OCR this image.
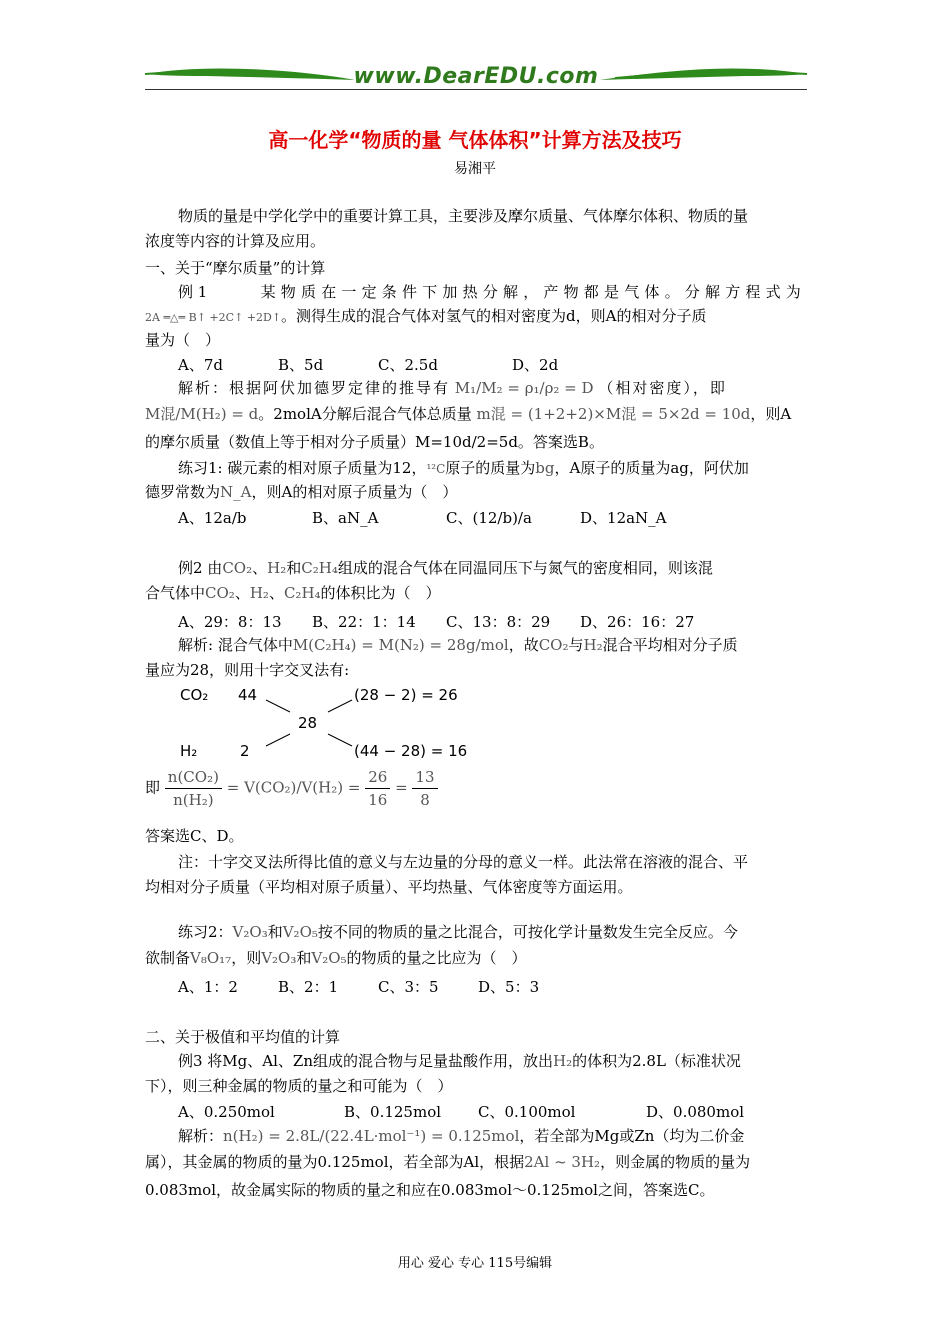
www.DearEDU.com
高一化学“物质的量 气体体积”计算方法及技巧
易湘平
物质的量是中学化学中的重要计算工具，主要涉及摩尔质量、气体摩尔体积、物质的量
浓度等内容的计算及应用。
一、关于“摩尔质量”的计算
例 1	某物质在一定条件下加热分解，产物都是气体。分解方程式为
2A ═△═ B↑ +2C↑ +2D↑。测得生成的混合气体对氢气的相对密度为d，则A的相对分子质
量为（　）
A、7d	B、5d	C、2.5d	D、2d
解析：根据阿伏加德罗定律的推导有 M₁/M₂ = ρ₁/ρ₂ = D （相对密度），即
M混/M(H₂) = d。2molA分解后混合气体总质量 m混 = (1+2+2)×M混 = 5×2d = 10d，则A
的摩尔质量（数值上等于相对分子质量）M=10d/2=5d。答案选B。
练习1: 碳元素的相对原子质量为12，¹²C原子的质量为bg，A原子的质量为ag，阿伏加
德罗常数为N_A，则A的相对原子质量为（　）
A、12a/b	B、aN_A	C、(12/b)/a	D、12aN_A
例2 由CO₂、H₂和C₂H₄组成的混合气体在同温同压下与氮气的密度相同，则该混
合气体中CO₂、H₂、C₂H₄的体积比为（　）
A、29：8：13 B、22：1：14 C、13：8：29 D、26：16：27
解析: 混合气体中M(C₂H₄) = M(N₂) = 28g/mol，故CO₂与H₂混合平均相对分子质
量应为28，则用十字交叉法有:
CO₂ 44
28
(28 − 2) = 26
H₂	2	(44 − 28) = 16
即 $\frac{\text{n(CO₂)}}{\text{n(H₂)}} = V(CO_2)/V(H_2) = \frac{26}{16} = \frac{13}{8}$
答案选C、D。
注：十字交叉法所得比值的意义与左边量的分母的意义一样。此法常在溶液的混合、平
均相对分子质量（平均相对原子质量）、平均热量、气体密度等方面运用。
练习2：V₂O₃和V₂O₅按不同的物质的量之比混合，可按化学计量数发生完全反应。今
欲制备V₈O₁₇，则V₂O₃和V₂O₅的物质的量之比应为（　）
A、1：2	B、2：1	C、3：5	D、5：3
二、关于极值和平均值的计算
例3 将Mg、Al、Zn组成的混合物与足量盐酸作用，放出H₂的体积为2.8L（标准状况
下），则三种金属的物质的量之和可能为（　）
A、0.250mol	B、0.125mol C、0.100mol	D、0.080mol
解析：n(H₂) = 2.8L/(22.4L·mol⁻¹) = 0.125mol，若全部为Mg或Zn（均为二价金
属），其金属的物质的量为0.125mol，若全部为Al，根据2Al ~ 3H₂，则金属的物质的量为
0.083mol，故金属实际的物质的量之和应在0.083mol～0.125mol之间，答案选C。
用心 爱心 专心 115号编辑
